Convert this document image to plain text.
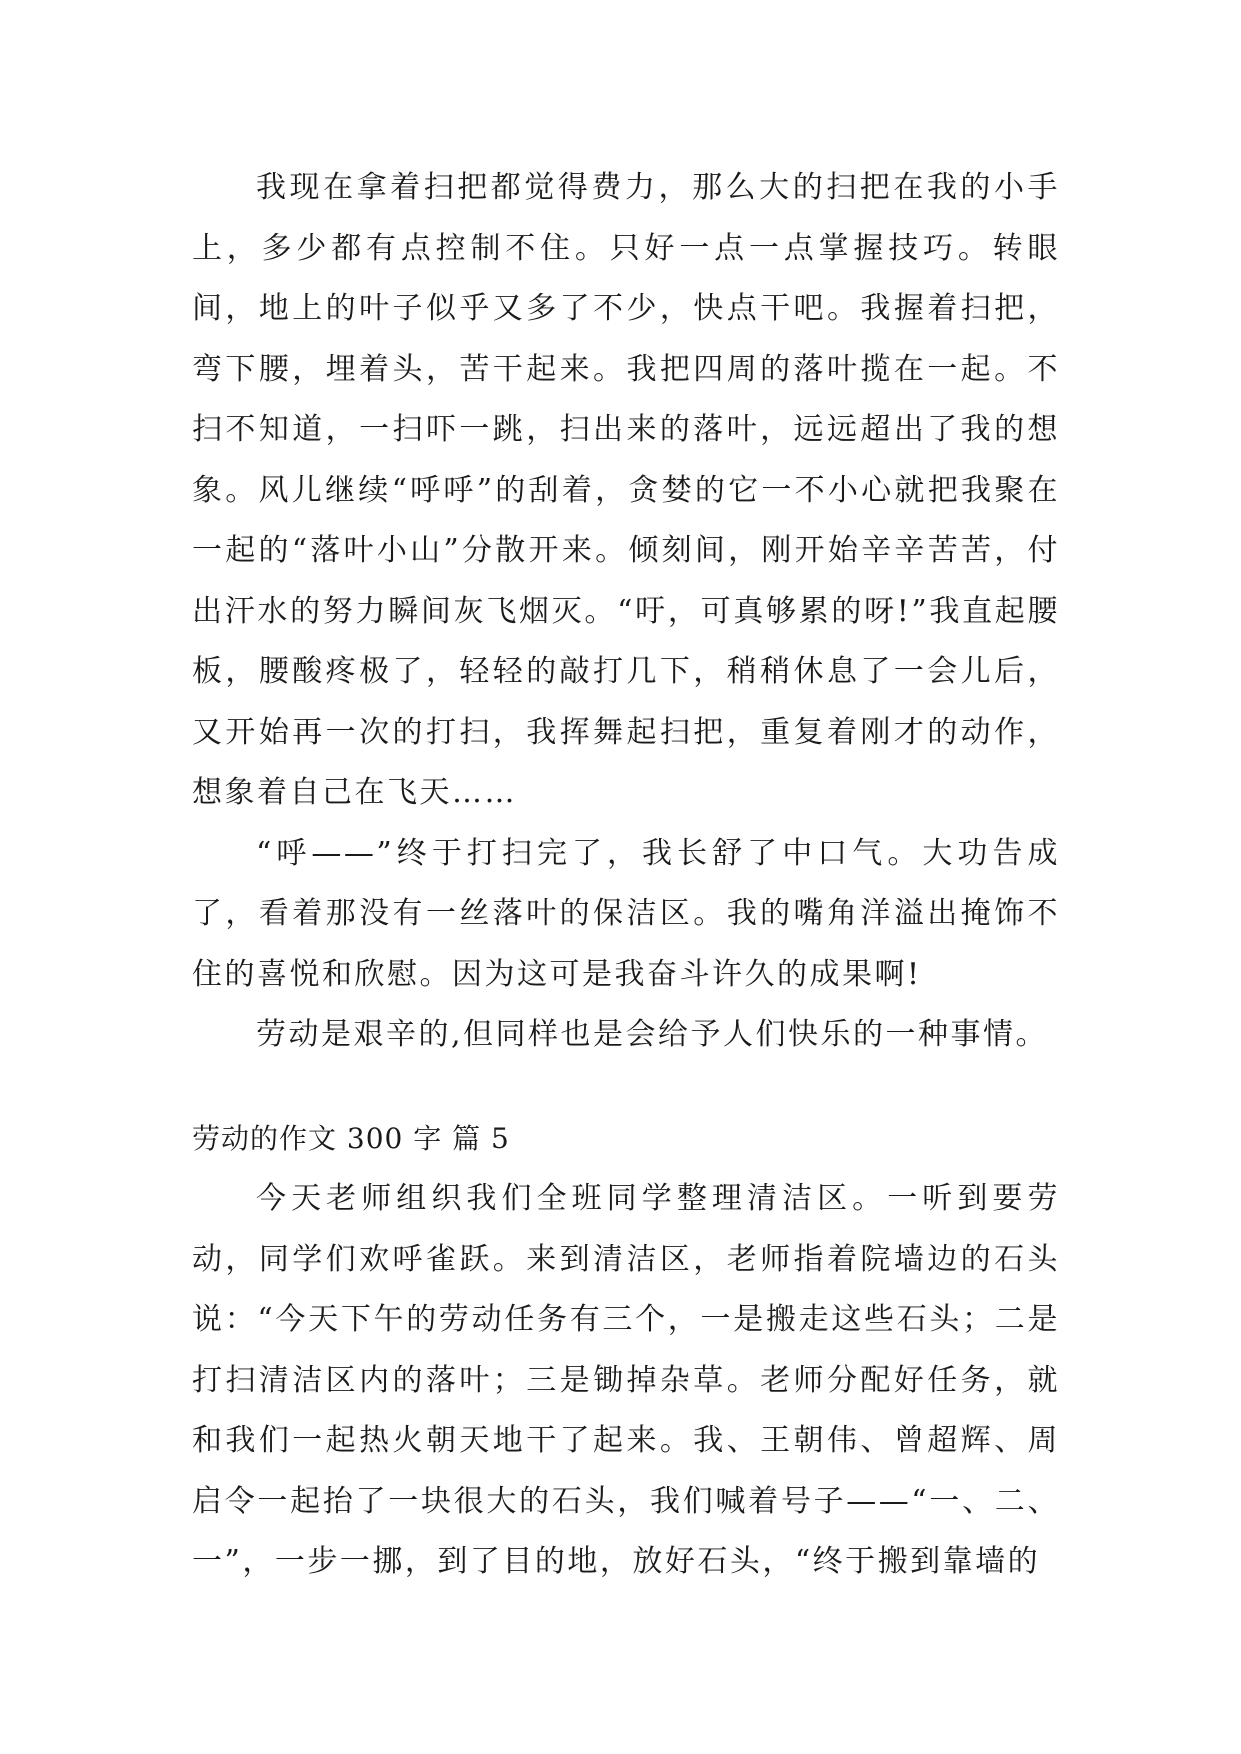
我现在拿着扫把都觉得费力，那么大的扫把在我的小手上，多少都有点控制不住。只好一点一点掌握技巧。转眼间，地上的叶子似乎又多了不少，快点干吧。我握着扫把，弯下腰，埋着头，苦干起来。我把四周的落叶揽在一起。不扫不知道，一扫吓一跳，扫出来的落叶，远远超出了我的想象。风儿继续“呼呼”的刮着，贪婪的它一不小心就把我聚在一起的“落叶小山”分散开来。倾刻间，刚开始辛辛苦苦，付出汗水的努力瞬间灰飞烟灭。“吁，可真够累的呀!”我直起腰板，腰酸疼极了，轻轻的敲打几下，稍稍休息了一会儿后，又开始再一次的打扫，我挥舞起扫把，重复着刚才的动作，想象着自己在飞天……

“呼——”终于打扫完了，我长舒了中口气。大功告成了，看着那没有一丝落叶的保洁区。我的嘴角洋溢出掩饰不住的喜悦和欣慰。因为这可是我奋斗许久的成果啊!

劳动是艰辛的,但同样也是会给予人们快乐的一种事情。

劳动的作文 300 字 篇 5

今天老师组织我们全班同学整理清洁区。一听到要劳动，同学们欢呼雀跃。来到清洁区，老师指着院墙边的石头说：“今天下午的劳动任务有三个，一是搬走这些石头；二是打扫清洁区内的落叶；三是锄掉杂草。老师分配好任务，就和我们一起热火朝天地干了起来。我、王朝伟、曾超辉、周启令一起抬了一块很大的石头，我们喊着号子——“一、二、一”，一步一挪，到了目的地，放好石头，“终于搬到靠墙的
